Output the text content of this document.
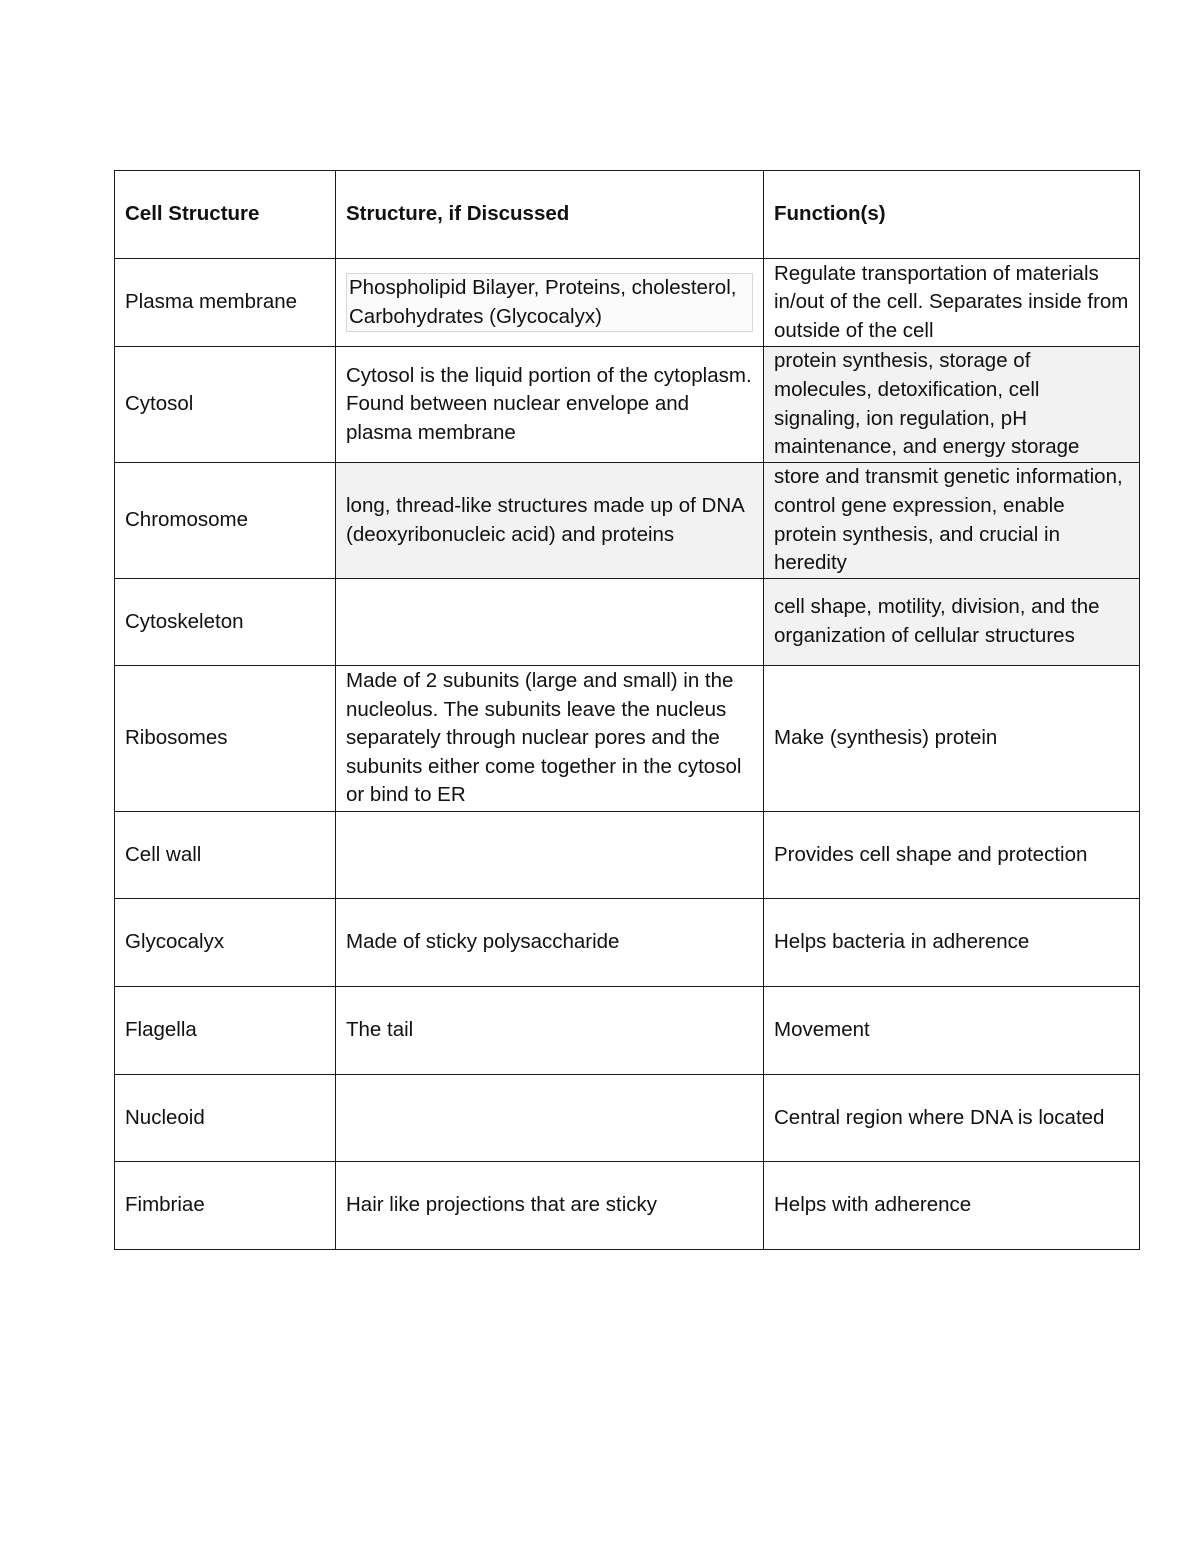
Cell Structure	Structure, if Discussed	Function(s)
Plasma membrane	Phospholipid Bilayer, Proteins, cholesterol, Carbohydrates (Glycocalyx)	Regulate transportation of materials in/out of the cell. Separates inside from outside of the cell
Cytosol	Cytosol is the liquid portion of the cytoplasm. Found between nuclear envelope and plasma membrane	protein synthesis, storage of molecules, detoxification, cell signaling, ion regulation, pH maintenance, and energy storage
Chromosome	long, thread-like structures made up of DNA (deoxyribonucleic acid) and proteins	store and transmit genetic information, control gene expression, enable protein synthesis, and crucial in heredity
Cytoskeleton		cell shape, motility, division, and the organization of cellular structures
Ribosomes	Made of 2 subunits (large and small) in the nucleolus. The subunits leave the nucleus separately through nuclear pores and the subunits either come together in the cytosol or bind to ER	Make (synthesis) protein
Cell wall		Provides cell shape and protection
Glycocalyx	Made of sticky polysaccharide	Helps bacteria in adherence
Flagella	The tail	Movement
Nucleoid		Central region where DNA is located
Fimbriae	Hair like projections that are sticky	Helps with adherence
